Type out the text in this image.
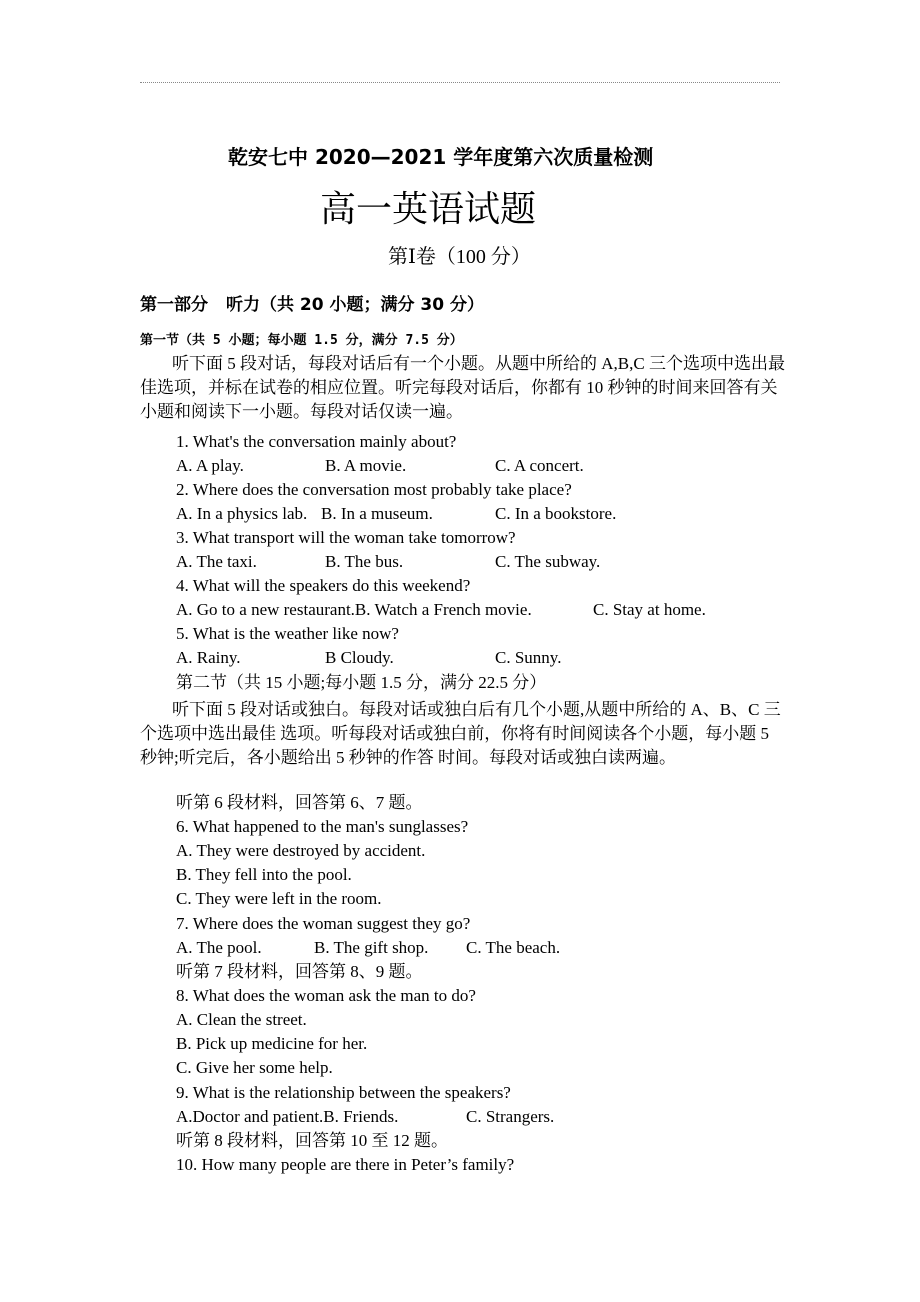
乾安七中 2020—2021 学年度第六次质量检测
高一英语试题
第Ⅰ卷（100 分）
第一部分 听力（共 20 小题；满分 30 分）
第一节（共 5 小题；每小题 1.5 分，满分 7.5 分）
听下面 5 段对话，每段对话后有一个小题。从题中所给的 A,B,C 三个选项中选出最佳选项，并标在试卷的相应位置。听完每段对话后，你都有 10 秒钟的时间来回答有关小题和阅读下一小题。每段对话仅读一遍。
1. What's the conversation mainly about?
A. A play.	B. A movie.	C. A concert.
2. Where does the conversation most probably take place?
A. In a physics lab. B. In a museum.	C. In a bookstore.
3. What transport will the woman take tomorrow?
A. The taxi.	B. The bus.	C. The subway.
4. What will the speakers do this weekend?
A. Go to a new restaurant.B. Watch a French movie.	C. Stay at home.
5. What is the weather like now?
A. Rainy.	B Cloudy.	C. Sunny.
第二节（共 15 小题;每小题 1.5 分，满分 22.5 分）
听下面 5 段对话或独白。每段对话或独白后有几个小题,从题中所给的 A、B、C 三个选项中选出最佳 选项。听每段对话或独白前，你将有时间阅读各个小题，每小题 5 秒钟;听完后，各小题给出 5 秒钟的作答 时间。每段对话或独白读两遍。
听第 6 段材料，回答第 6、7 题。
6. What happened to the man's sunglasses?
A. They were destroyed by accident.
B. They fell into the pool.
C. They were left in the room.
7. Where does the woman suggest they go?
A. The pool.	B. The gift shop. C. The beach.
听第 7 段材料，回答第 8、9 题。
8. What does the woman ask the man to do?
A. Clean the street.
B. Pick up medicine for her.
C. Give her some help.
9. What is the relationship between the speakers?
A.Doctor and patient.B. Friends.	C. Strangers.
听第 8 段材料，回答第 10 至 12 题。
10. How many people are there in Peter’s family?
